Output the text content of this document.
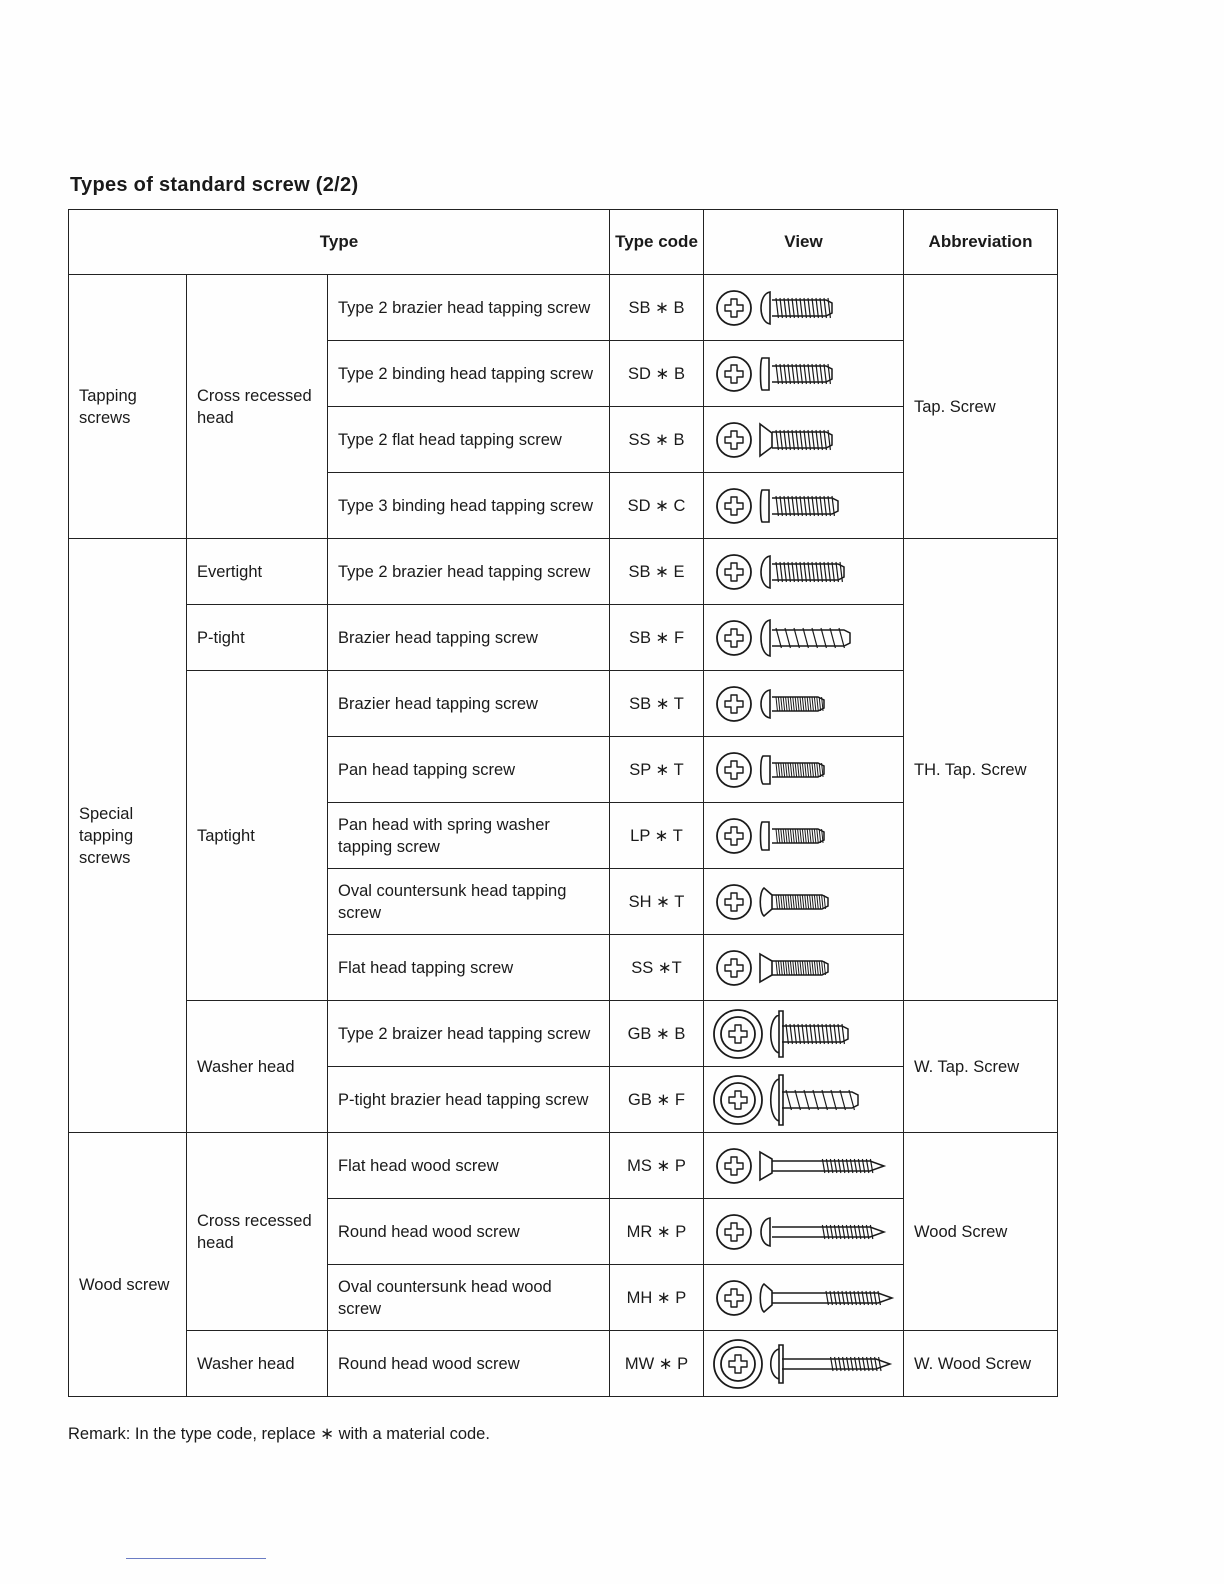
Types of standard screw (2/2)
Type			Type code	View	Abbreviation
Tapping screws	Cross recessed head	Type 2 brazier head tapping screw	SB ∗ B		Tap. Screw
		Type 2 binding head tapping screw	SD ∗ B	

		Type 2 flat head tapping screw	SS ∗ B	

		Type 3 binding head tapping screw	SD ∗ C	

Special tapping screws	Evertight	Type 2 brazier head tapping screw	SB ∗ E		TH. Tap. Screw
	P-tight	Brazier head tapping screw	SB ∗ F	

	Taptight	Brazier head tapping screw	SB ∗ T	

		Pan head tapping screw	SP ∗ T	

		Pan head with spring washer tapping screw	LP ∗ T	

		Oval countersunk head tapping screw	SH ∗ T	

		Flat head tapping screw	SS ∗T	

	Washer head	Type 2 braizer head tapping screw	GB ∗ B		W. Tap. Screw
		P-tight brazier head tapping screw	GB ∗ F	

Wood screw	Cross recessed head	Flat head wood screw	MS ∗ P		Wood Screw
		Round head wood screw	MR ∗ P	

		Oval countersunk head wood screw	MH ∗ P	

	Washer head	Round head wood screw	MW ∗ P		W. Wood Screw
Remark: In the type code, replace ∗ with a material code.
